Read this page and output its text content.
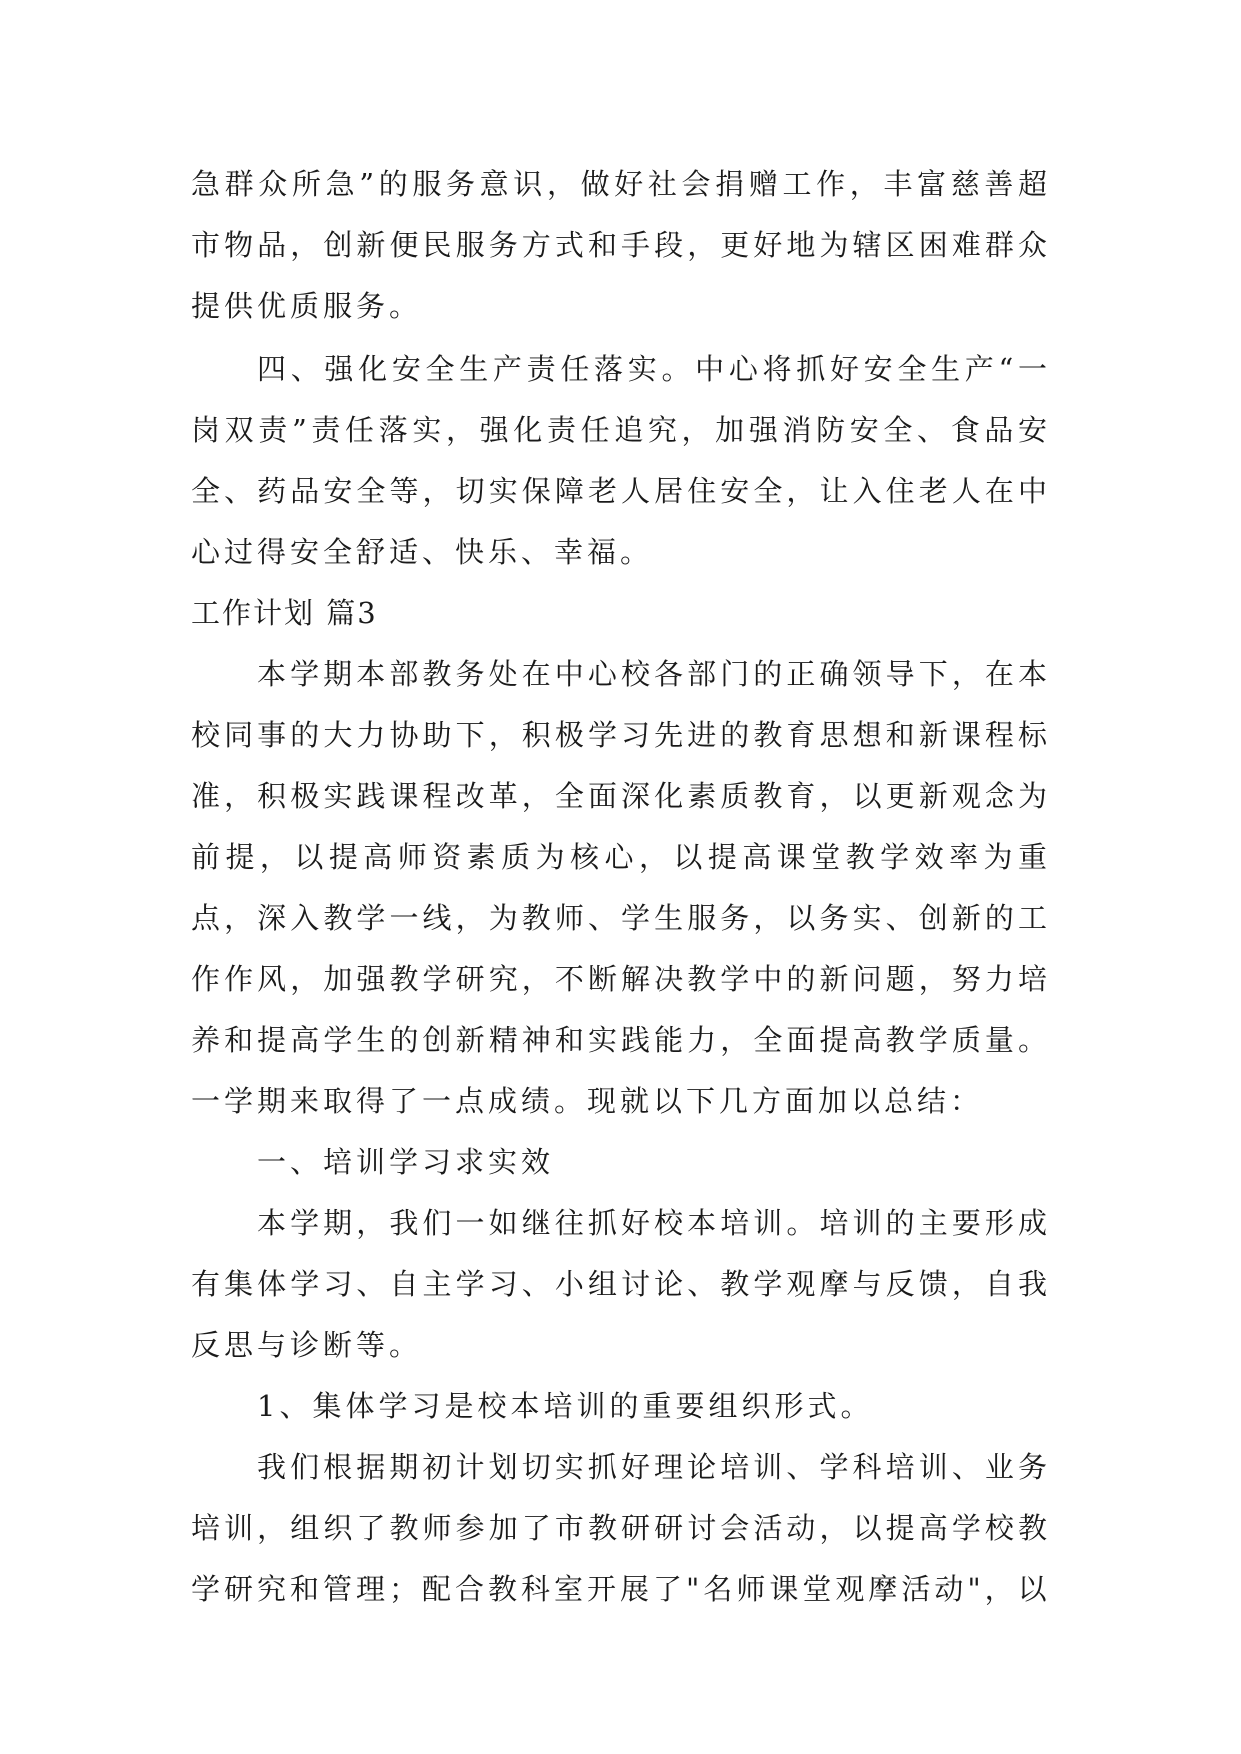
急群众所急”的服务意识，做好社会捐赠工作，丰富慈善超市物品，创新便民服务方式和手段，更好地为辖区困难群众提供优质服务。

四、强化安全生产责任落实。中心将抓好安全生产“一岗双责”责任落实，强化责任追究，加强消防安全、食品安全、药品安全等，切实保障老人居住安全，让入住老人在中心过得安全舒适、快乐、幸福。

工作计划 篇3

本学期本部教务处在中心校各部门的正确领导下，在本校同事的大力协助下，积极学习先进的教育思想和新课程标准，积极实践课程改革，全面深化素质教育，以更新观念为前提，以提高师资素质为核心，以提高课堂教学效率为重点，深入教学一线，为教师、学生服务，以务实、创新的工作作风，加强教学研究，不断解决教学中的新问题，努力培养和提高学生的创新精神和实践能力，全面提高教学质量。一学期来取得了一点成绩。现就以下几方面加以总结：

一、培训学习求实效

本学期，我们一如继往抓好校本培训。培训的主要形成有集体学习、自主学习、小组讨论、教学观摩与反馈，自我反思与诊断等。

1、集体学习是校本培训的重要组织形式。

我们根据期初计划切实抓好理论培训、学科培训、业务培训，组织了教师参加了市教研研讨会活动，以提高学校教学研究和管理；配合教科室开展了"名师课堂观摩活动"，以
